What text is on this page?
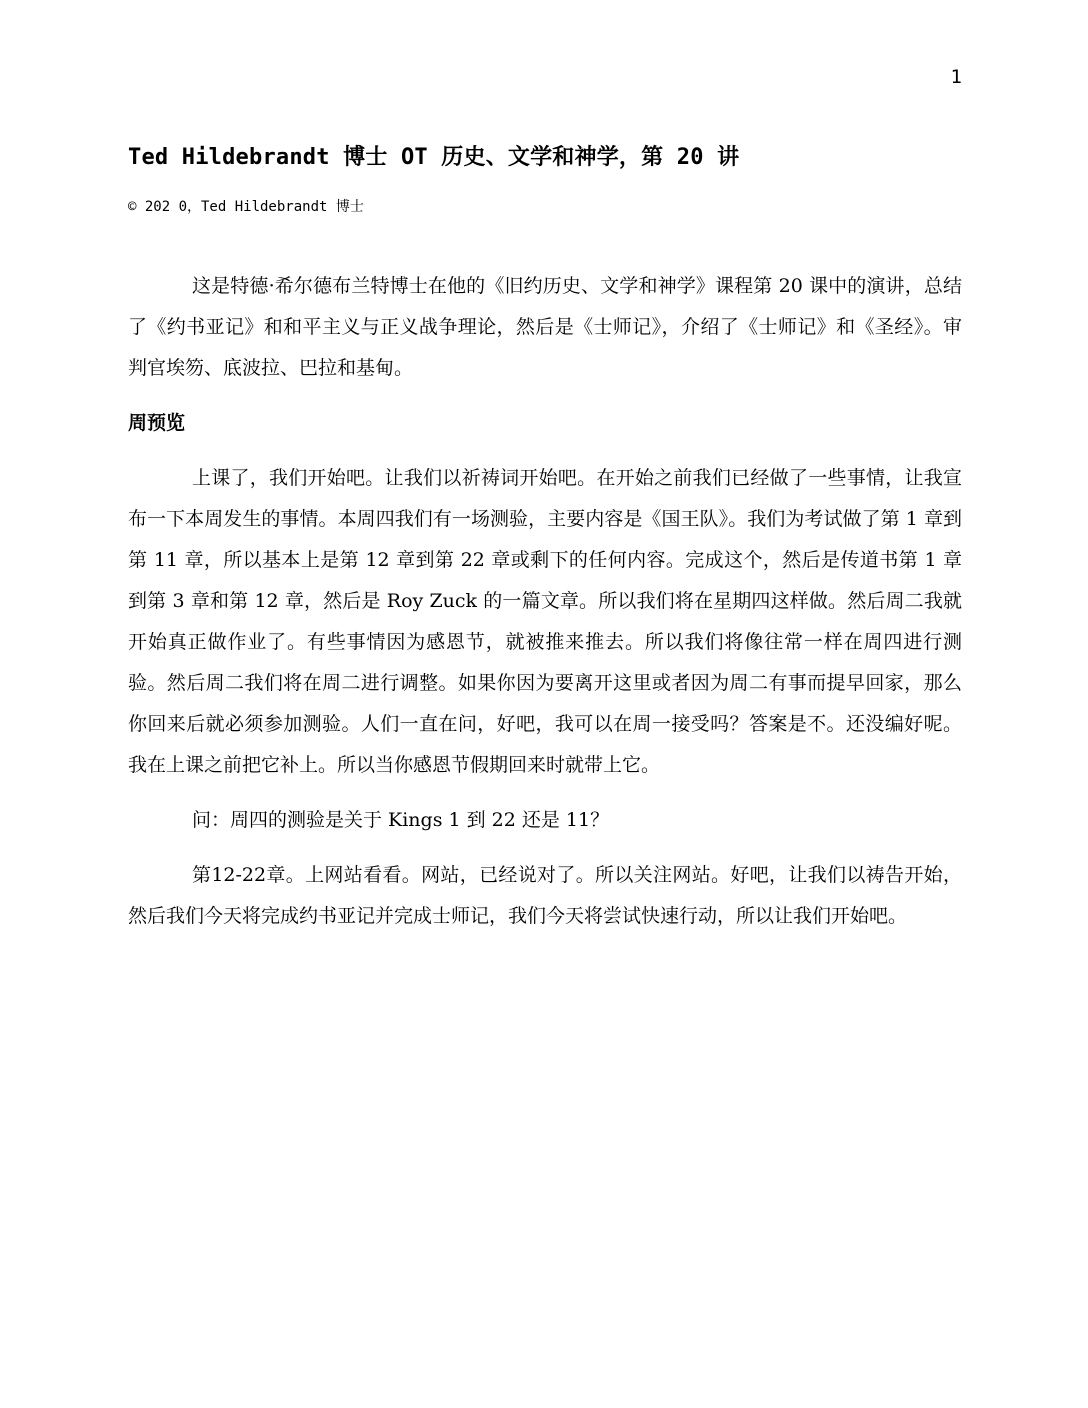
1
Ted Hildebrandt 博士 OT 历史、文学和神学，第 20 讲
© 202 0，Ted Hildebrandt 博士

这是特德·希尔德布兰特博士在他的《旧约历史、文学和神学》课程第 20 课中的演讲，总结了《约书亚记》和和平主义与正义战争理论，然后是《士师记》，介绍了《士师记》和《圣经》。审判官埃笏、底波拉、巴拉和基甸。

周预览

上课了，我们开始吧。让我们以祈祷词开始吧。在开始之前我们已经做了一些事情，让我宣布一下本周发生的事情。本周四我们有一场测验，主要内容是《国王队》。我们为考试做了第 1 章到第 11 章，所以基本上是第 12 章到第 22 章或剩下的任何内容。完成这个，然后是传道书第 1 章到第 3 章和第 12 章，然后是 Roy Zuck 的一篇文章。所以我们将在星期四这样做。然后周二我就开始真正做作业了。有些事情因为感恩节，就被推来推去。所以我们将像往常一样在周四进行测验。然后周二我们将在周二进行调整。如果你因为要离开这里或者因为周二有事而提早回家，那么你回来后就必须参加测验。人们一直在问，好吧，我可以在周一接受吗？答案是不。还没编好呢。我在上课之前把它补上。所以当你感恩节假期回来时就带上它。

问：周四的测验是关于 Kings 1 到 22 还是 11？

第12-22章。上网站看看。网站，已经说对了。所以关注网站。好吧，让我们以祷告开始，然后我们今天将完成约书亚记并完成士师记，我们今天将尝试快速行动，所以让我们开始吧。
